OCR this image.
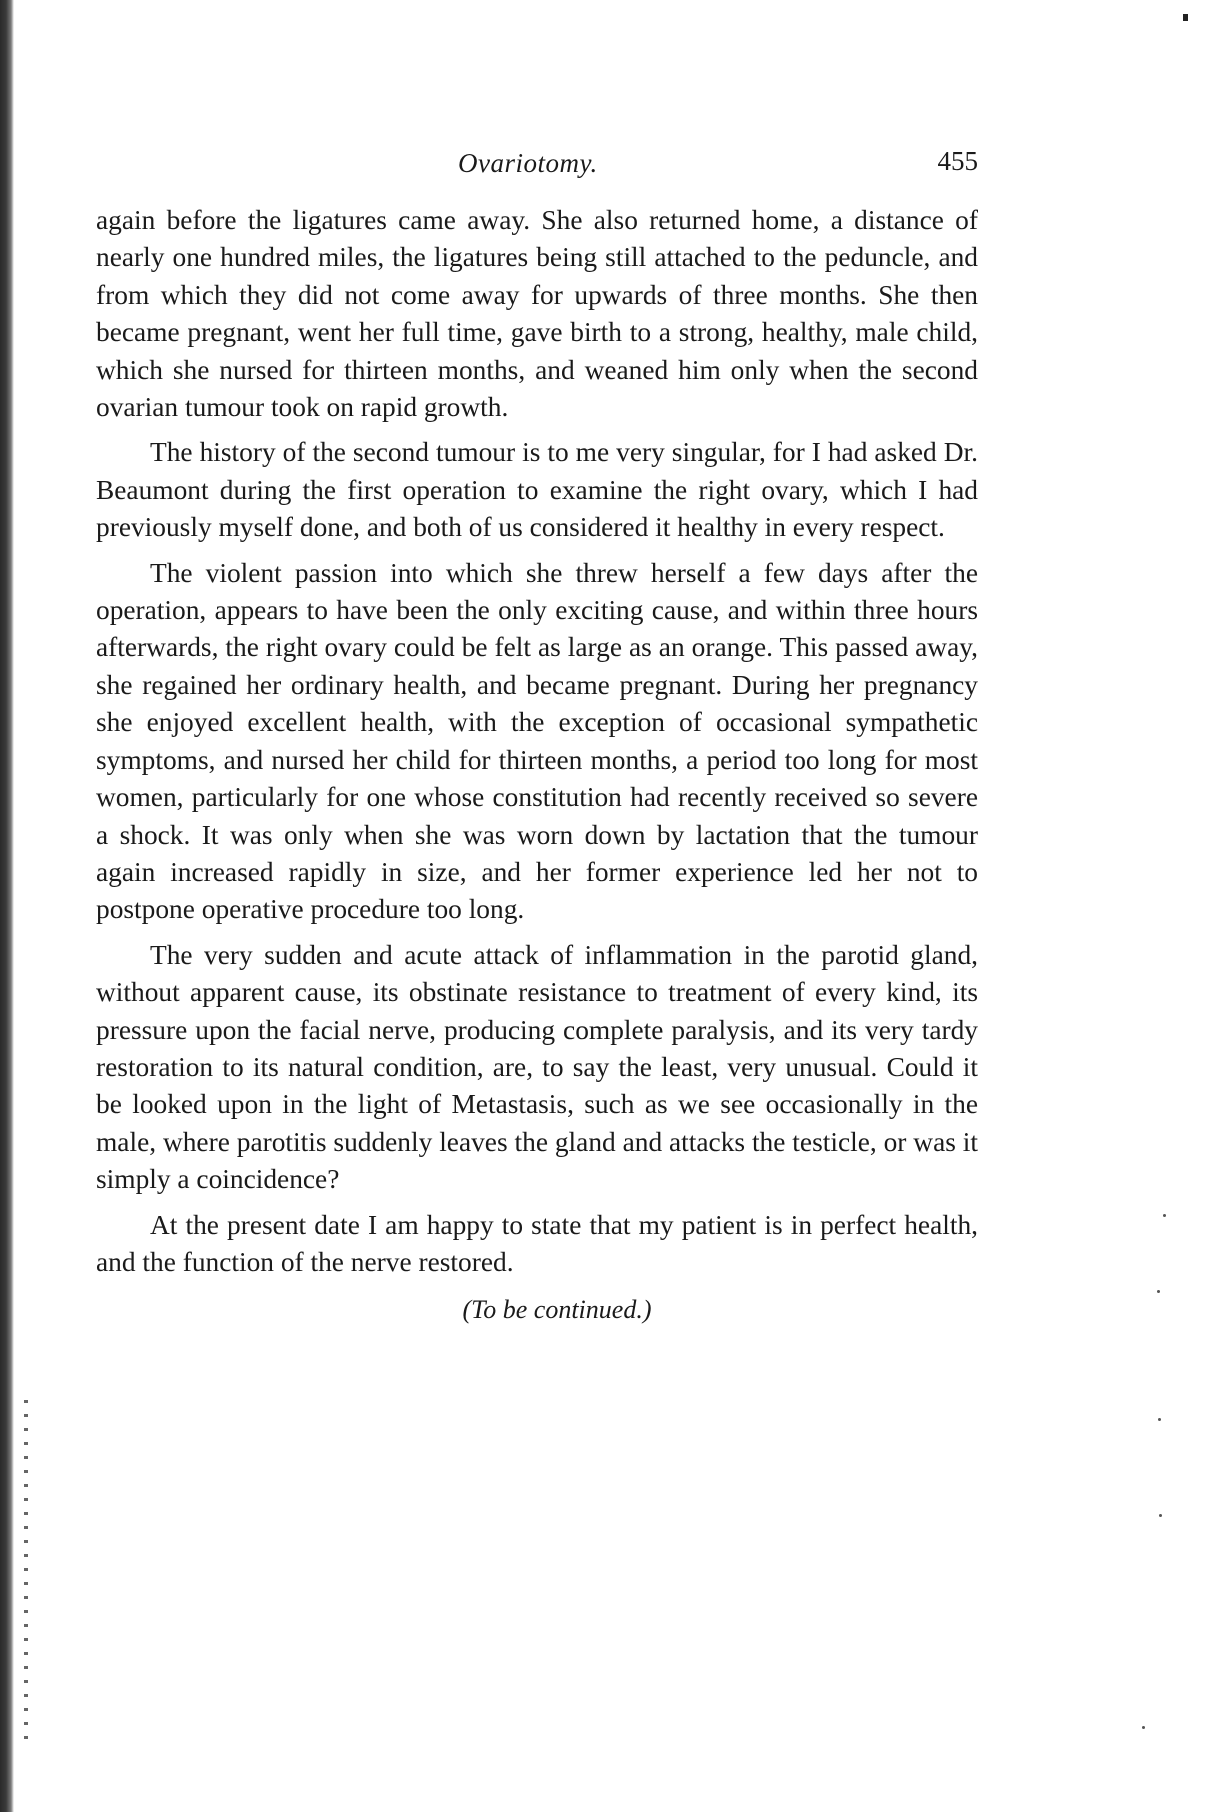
Ovariotomy.	455

again before the ligatures came away. She also returned home, a distance of nearly one hundred miles, the ligatures being still attached to the peduncle, and from which they did not come away for upwards of three months. She then became pregnant, went her full time, gave birth to a strong, healthy, male child, which she nursed for thirteen months, and weaned him only when the second ovarian tumour took on rapid growth.

The history of the second tumour is to me very singular, for I had asked Dr. Beaumont during the first operation to examine the right ovary, which I had previously myself done, and both of us considered it healthy in every respect.

The violent passion into which she threw herself a few days after the operation, appears to have been the only exciting cause, and within three hours afterwards, the right ovary could be felt as large as an orange. This passed away, she regained her ordinary health, and became pregnant. During her pregnancy she enjoyed excellent health, with the exception of occasional sympathetic symptoms, and nursed her child for thirteen months, a period too long for most women, particularly for one whose constitution had recently received so severe a shock. It was only when she was worn down by lactation that the tumour again increased rapidly in size, and her former experience led her not to postpone operative procedure too long.

The very sudden and acute attack of inflammation in the parotid gland, without apparent cause, its obstinate resistance to treatment of every kind, its pressure upon the facial nerve, producing complete paralysis, and its very tardy restoration to its natural condition, are, to say the least, very unusual. Could it be looked upon in the light of Metastasis, such as we see occasionally in the male, where parotitis suddenly leaves the gland and attacks the testicle, or was it simply a coincidence?

At the present date I am happy to state that my patient is in perfect health, and the function of the nerve restored.

(To be continued.)
